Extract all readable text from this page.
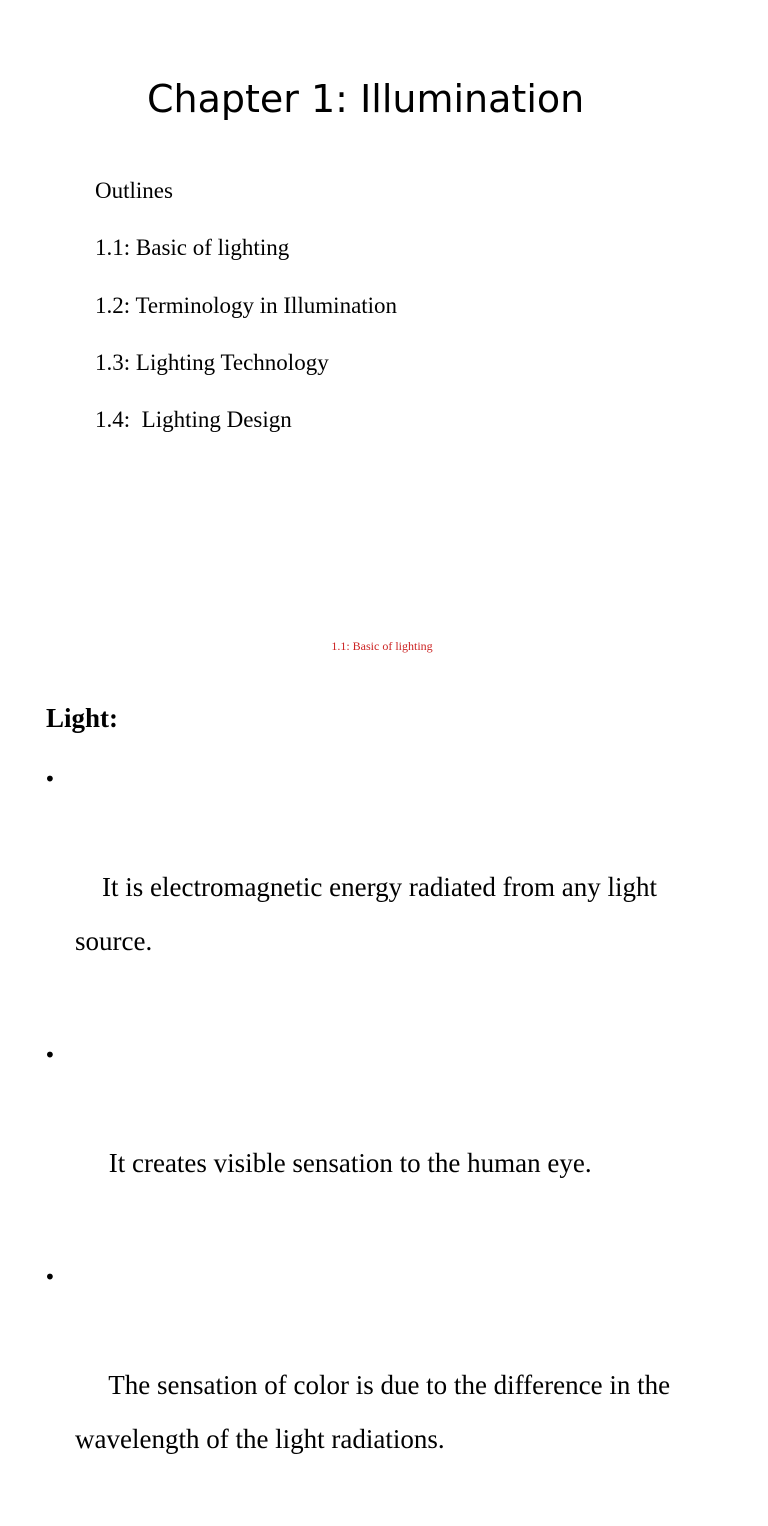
Chapter 1: Illumination

Outlines

1.1: Basic of lighting

1.2: Terminology in Illumination

1.3: Lighting Technology

1.4:  Lighting Design

1.1: Basic of lighting
Light:

•

It is electromagnetic energy radiated from any light source.

•

It creates visible sensation to the human eye.

•

The sensation of color is due to the difference in the wavelength of the light radiations.
